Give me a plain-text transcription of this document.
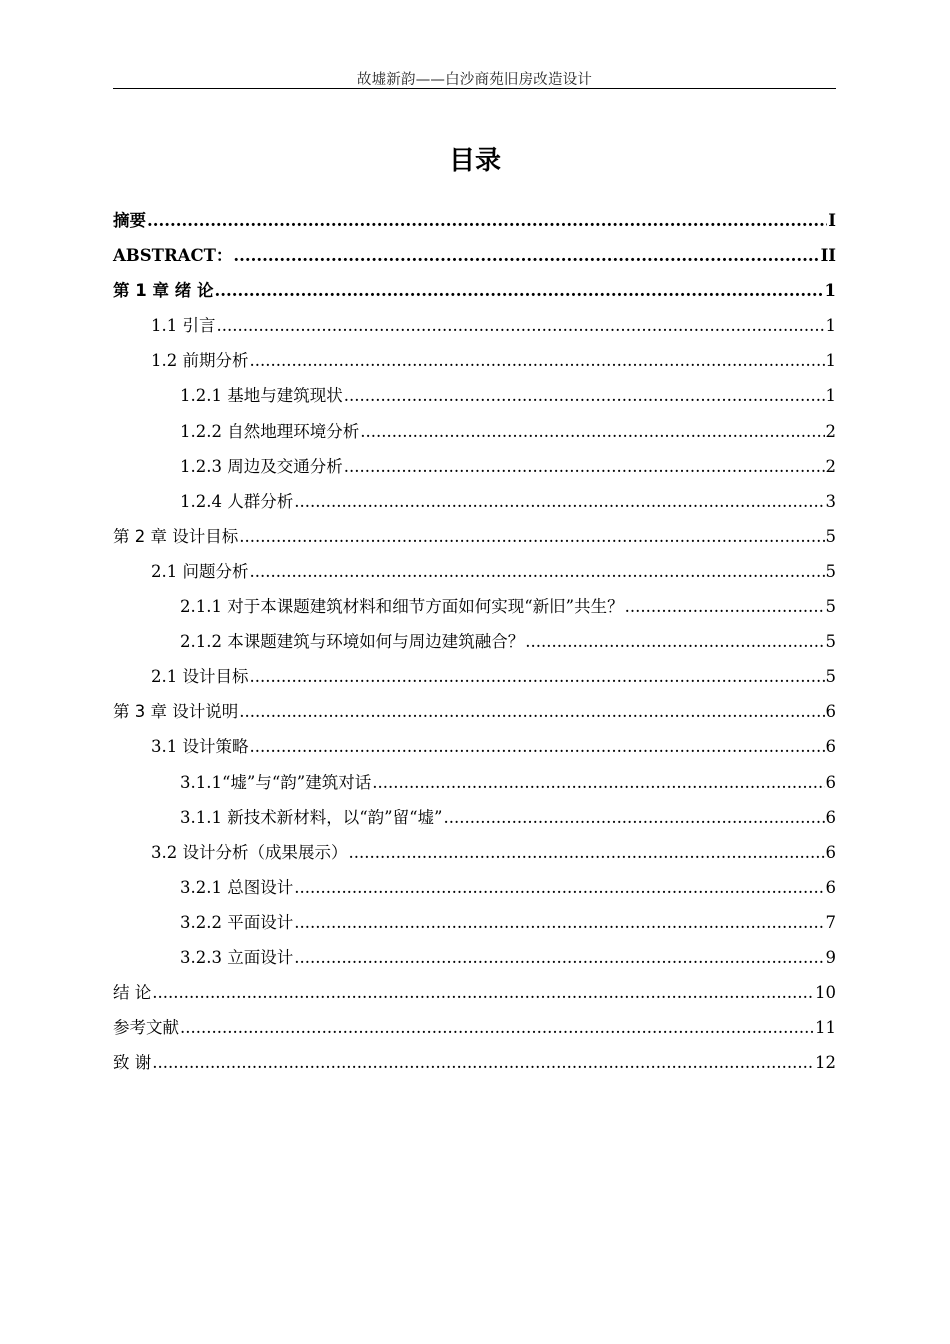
故墟新韵——白沙商苑旧房改造设计
目录
摘要 .....	I
ABSTRACT： .....	II
第 1 章 绪 论 .....	1
1.1 引言 .....	1
1.2 前期分析 .....	1
1.2.1 基地与建筑现状 .....	1
1.2.2 自然地理环境分析 .....	2
1.2.3 周边及交通分析 .....	2
1.2.4 人群分析 .....	3
第 2 章 设计目标 .....	5
2.1 问题分析 .....	5
2.1.1 对于本课题建筑材料和细节方面如何实现“新旧”共生？ .....	5
2.1.2 本课题建筑与环境如何与周边建筑融合？ .....	5
2.1 设计目标 .....	5
第 3 章 设计说明 .....	6
3.1 设计策略 .....	6
3.1.1“墟”与“韵”建筑对话 .....	6
3.1.1 新技术新材料，以“韵”留“墟” .....	6
3.2 设计分析（成果展示） .....	6
3.2.1 总图设计 .....	6
3.2.2 平面设计 .....	7
3.2.3 立面设计 .....	9
结 论 .....	10
参考文献 .....	11
致 谢 .....	12
